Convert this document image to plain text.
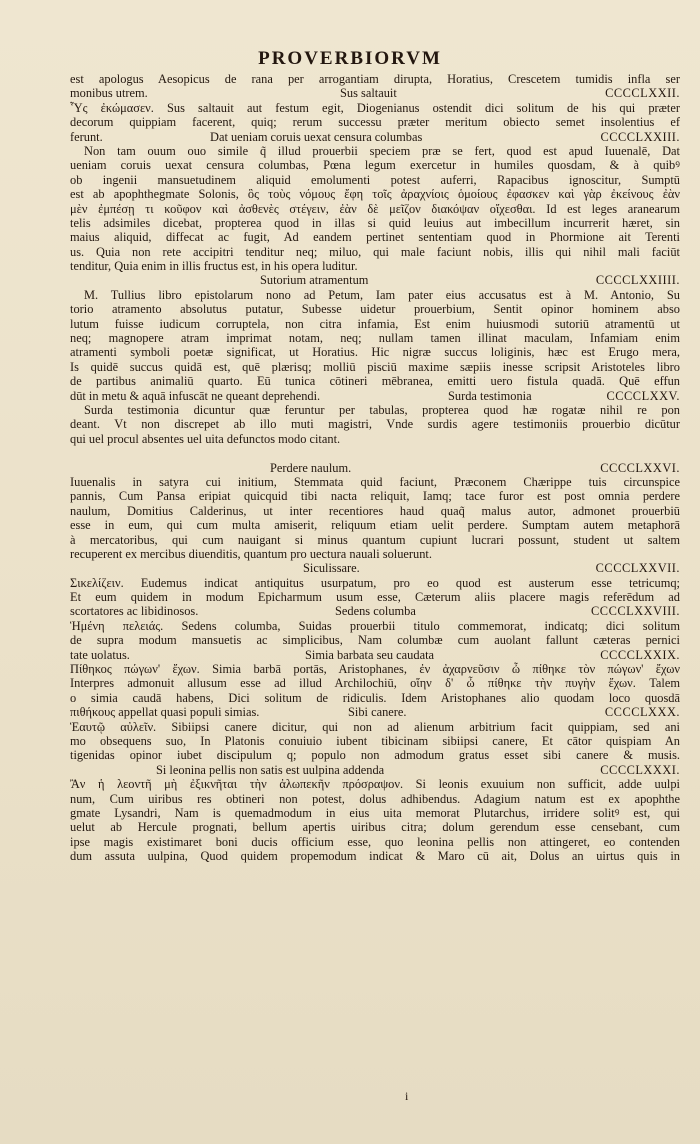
PROVERBIORVM
est apologus Aesopicus de rana per arrogantiam dirupta, Horatius, Crescetem tumidis infla ser
monibus utrem.	Sus saltauit	CCCCLXXII.
Ὗς ἐκώμασεν. Sus saltauit aut festum egit, Diogenianus ostendit dici solitum de his qui præter
decorum quippiam facerent, quiq; rerum successu præter meritum obiecto semet insolentius ef
ferunt.	Dat ueniam coruis uexat censura columbas	CCCCLXXIII.
Non tam ouum ouo simile q̃ illud prouerbii speciem præ se fert, quod est apud Iuuenalē, Dat
ueniam coruis uexat censura columbas, Pœna legum exercetur in humiles quosdam, & à quibꝰ
ob ingenii mansuetudinem aliquid emolumenti potest auferri, Rapacibus ignoscitur, Sumptū
est ab apophthegmate Solonis, ὃς τοὺς νόμους ἔφη τοῖς ἀραχνίοις ὁμοίους ἐφασκεν καὶ γὰρ ἐκείνους ἐὰν
μὲν ἐμπέσῃ τι κοῦφον καὶ ἀσθενὲς στέγειν, ἐὰν δὲ μεῖζον διακόψαν οἴχεσθαι. Id est leges aranearum
telis adsimiles dicebat, propterea quod in illas si quid leuius aut imbecillum incurrerit hæret, sin
maius aliquid, diffecat ac fugit, Ad eandem pertinet sententiam quod in Phormione ait Terenti
us. Quia non rete accipitri tenditur neq; miluo, qui male faciunt nobis, illis qui nihil mali faciūt
tenditur, Quia enim in illis fructus est, in his opera luditur.
Sutorium atramentum	CCCCLXXIIII.
M. Tullius libro epistolarum nono ad Petum, Iam pater eius accusatus est à M. Antonio, Su
torio atramento absolutus putatur, Subesse uidetur prouerbium, Sentit opinor hominem abso
lutum fuisse iudicum corruptela, non citra infamia, Est enim huiusmodi sutoriū atramentū ut
neq; magnopere atram imprimat notam, neq; nullam tamen illinat maculam, Infamiam enim
atramenti symboli poetæ significat, ut Horatius. Hic nigræ succus loliginis, hæc est Erugo mera,
Is quidē succus quidā est, quē plærisq; molliū pisciū maxime sæpiis inesse scripsit Aristoteles libro
de partibus animaliū quarto. Eū tunica cōtineri mēbranea, emitti uero fistula quadā. Quē effun
dūt in metu & aquā infuscāt ne queant deprehendi.	Surda testimonia	CCCCLXXV.
Surda testimonia dicuntur quæ feruntur per tabulas, propterea quod hæ rogatæ nihil re pon
deant. Vt non discrepet ab illo muti magistri, Vnde surdis agere testimoniis prouerbio dicūtur
qui uel procul absentes uel uita defunctos modo citant.
Perdere naulum.	CCCCLXXVI.
Iuuenalis in satyra cui initium, Stemmata quid faciunt, Præconem Chærippe tuis circunspice
pannis, Cum Pansa eripiat quicquid tibi nacta reliquit, Iamq; tace furor est post omnia perdere
naulum, Domitius Calderinus, ut inter recentiores haud quaq̃ malus autor, admonet prouerbiū
esse in eum, qui cum multa amiserit, reliquum etiam uelit perdere. Sumptam autem metaphorā
à mercatoribus, qui cum nauigant si minus quantum cupiunt lucrari possunt, student ut saltem
recuperent ex mercibus diuenditis, quantum pro uectura nauali soluerunt.
Siculissare.	CCCCLXXVII.
Σικελίζειν. Eudemus indicat antiquitus usurpatum, pro eo quod est austerum esse tetricumq;
Et eum quidem in modum Epicharmum usum esse, Cæterum aliis placere magis referēdum ad
scortatores ac libidinosos.	Sedens columba	CCCCLXXVIII.
Ἡμένη πελειάς. Sedens columba, Suidas prouerbii titulo commemorat, indicatq; dici solitum
de supra modum mansuetis ac simplicibus, Nam columbæ cum auolant fallunt cæteras pernici
tate uolatus.	Simia barbata seu caudata	CCCCLXXIX.
Πίθηκος πώγων' ἔχων. Simia barbā portās, Aristophanes, ἐν ἀχαρνεῦσιν ὦ πίθηκε τὸν πώγων' ἔχων
Interpres admonuit allusum esse ad illud Archilochiū, οἵην δ' ὦ πίθηκε τὴν πυγὴν ἔχων. Talem
o simia caudā habens, Dici solitum de ridiculis. Idem Aristophanes alio quodam loco quosdā
πιθήκους appellat quasi populi simias.	Sibi canere.	CCCCLXXX.
Ἑαυτῷ αὐλεῖν. Sibiipsi canere dicitur, qui non ad alienum arbitrium facit quippiam, sed ani
mo obsequens suo, In Platonis conuiuio iubent tibicinam sibiipsi canere, Et cātor quispiam An
tigenidas opinor iubet discipulum q; populo non admodum gratus esset sibi canere & musis.
Si leonina pellis non satis est uulpina addenda	CCCCLXXXI.
Ἂν ἡ λεοντῆ μὴ ἐξικνῆται τὴν ἀλωπεκῆν πρόσραψον. Si leonis exuuium non sufficit, adde uulpi
num, Cum uiribus res obtineri non potest, dolus adhibendus. Adagium natum est ex apophthe
gmate Lysandri, Nam is quemadmodum in eius uita memorat Plutarchus, irridere solitꝰ est, qui
uelut ab Hercule prognati, bellum apertis uiribus citra; dolum gerendum esse censebant, cum
ipse magis existimaret boni ducis officium esse, quo leonina pellis non attingeret, eo contenden
dum assuta uulpina, Quod quidem propemodum indicat & Maro cū ait, Dolus an uirtus quis in
i
